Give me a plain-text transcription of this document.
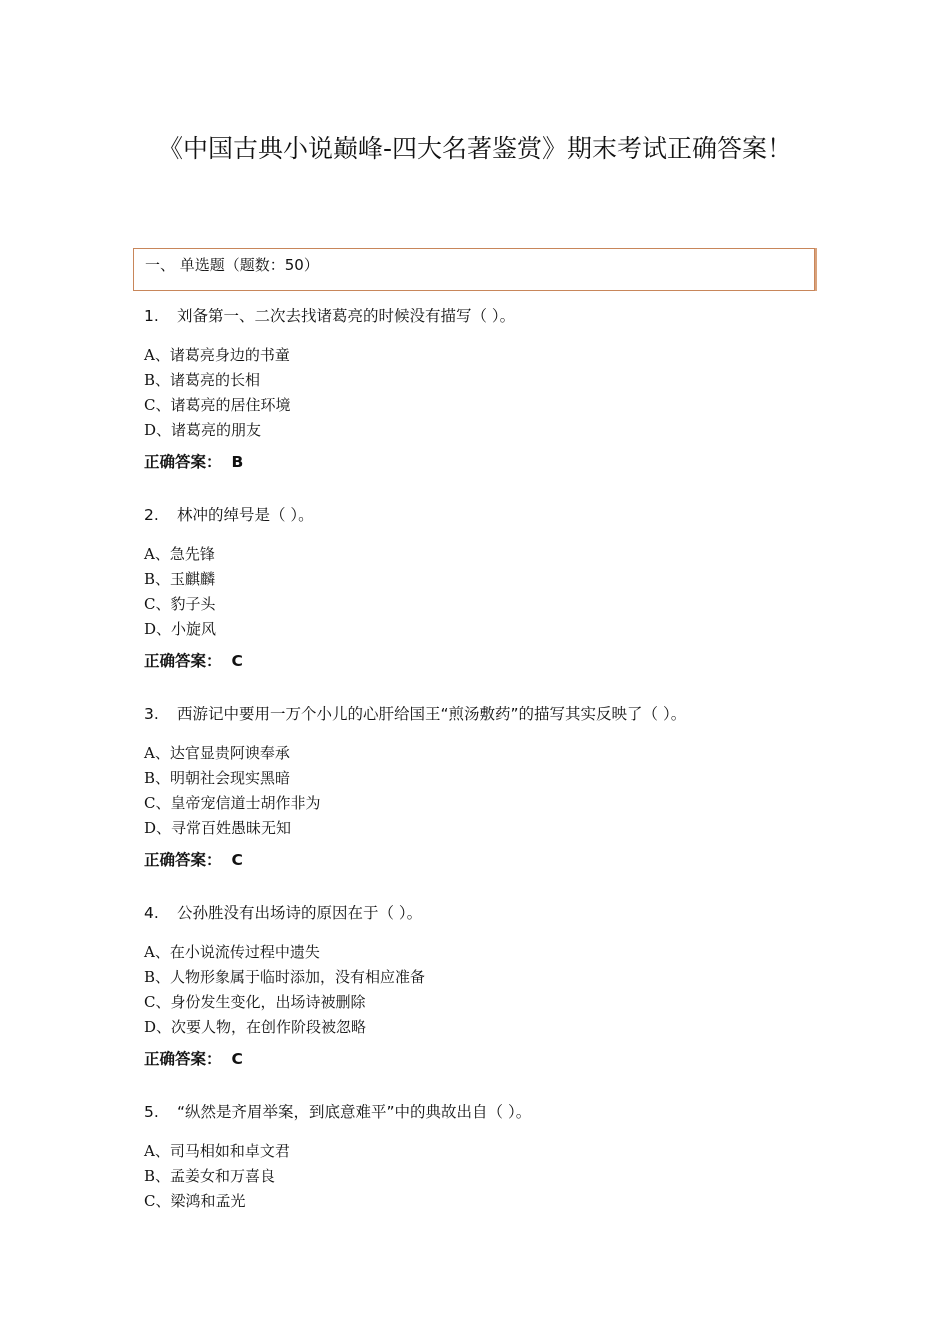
《中国古典小说巅峰-四大名著鉴赏》期末考试正确答案！
一、 单选题（题数：50）
1. 刘备第一、二次去找诸葛亮的时候没有描写（ ）。
A、诸葛亮身边的书童
B、诸葛亮的长相
C、诸葛亮的居住环境
D、诸葛亮的朋友
正确答案： B
2. 林冲的绰号是（ ）。
A、急先锋
B、玉麒麟
C、豹子头
D、小旋风
正确答案： C
3. 西游记中要用一万个小儿的心肝给国王“煎汤敷药”的描写其实反映了（ ）。
A、达官显贵阿谀奉承
B、明朝社会现实黑暗
C、皇帝宠信道士胡作非为
D、寻常百姓愚昧无知
正确答案： C
4. 公孙胜没有出场诗的原因在于（ ）。
A、在小说流传过程中遗失
B、人物形象属于临时添加，没有相应准备
C、身份发生变化，出场诗被删除
D、次要人物，在创作阶段被忽略
正确答案： C
5. “纵然是齐眉举案，到底意难平”中的典故出自（ ）。
A、司马相如和卓文君
B、孟姜女和万喜良
C、梁鸿和孟光
